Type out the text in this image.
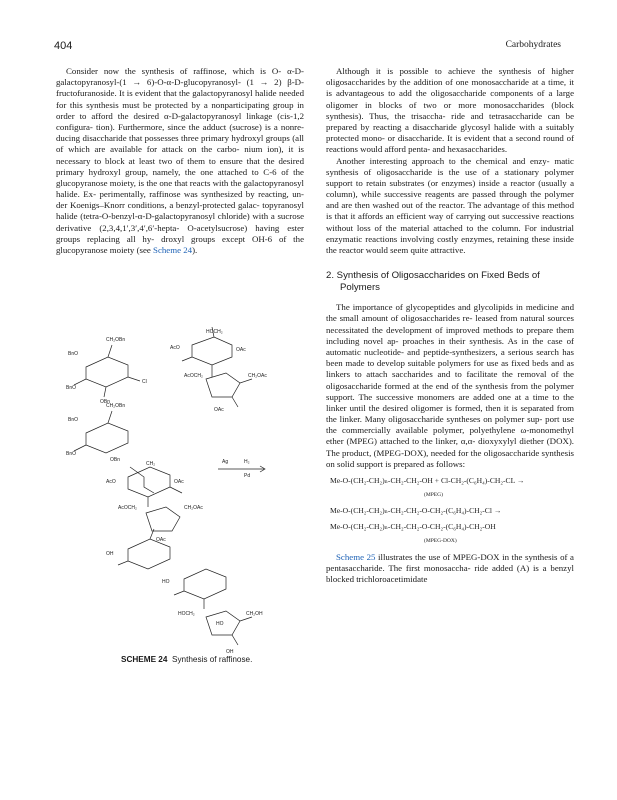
404	Carbohydrates

Consider now the synthesis of raffinose, which is O- α-D-galactopyranosyl-(1 → 6)-O-α-D-glucopyranosyl- (1 → 2) β-D-fructofuranoside. It is evident that the galactopyranosyl halide needed for this synthesis must be protected by a nonparticipating group in order to afford the desired α-D-galactopyranosyl linkage (cis-1,2 configura- tion). Furthermore, since the adduct (sucrose) is a nonre- ducing disaccharide that possesses three primary hydroxyl groups (all of which are available for attack on the carbo- nium ion), it is necessary to block at least two of them to ensure that the desired primary hydroxyl group, namely, the one attached to C-6 of the glucopyranose moiety, is the one that reacts with the galactopyranosyl halide. Ex- perimentally, raffinose was synthesized by reacting, un- der Koenigs–Knorr conditions, a benzyl-protected galac- topyranosyl halide (tetra-O-benzyl-α-D-galactopyranosyl chloride) with a sucrose derivative (2,3,4,1′,3′,4′,6′-hepta- O-acetylsucrose) having ester groups replacing all hy- droxyl groups except OH-6 of the glucopyranose moiety (see Scheme 24).

HOCH₂
AcO	OAc
AcOCH₂	CH₂OAc
OAc
BnO
CH₂OBn
BnO
OBn
Cl
BnO
CH₂OBn
BnO
OBn	Ag	H₂
Pd
CH₂
AcO	OAc
AcOCH₂	CH₂OAc
OAc
OH
HO
HOCH₂	CH₂OH
HO
OH
SCHEME 24 Synthesis of raffinose.

Although it is possible to achieve the synthesis of higher oligosaccharides by the addition of one monosaccharide at a time, it is advantageous to add the oligosaccharide components of a large oligomer in blocks of two or more monosaccharides (block synthesis). Thus, the trisaccha- ride and tetrasaccharide can be prepared by reacting a disaccharide glycosyl halide with a suitably protected mono- or disaccharide. It is evident that a second round of reactions would afford penta- and hexasaccharides.

Another interesting approach to the chemical and enzy- matic synthesis of oligosaccharide is the use of a stationary polymer support to retain substrates (or enzymes) inside a reactor (usually a column), while successive reagents are passed through the polymer and are then washed out of the reactor. The advantage of this method is that it affords an efficient way of carrying out successive reactions without loss of the material attached to the column. For industrial enzymatic reactions involving costly enzymes, retaining these inside the reactor would seem quite attractive.

2. Synthesis of Oligosaccharides on Fixed Beds of Polymers

The importance of glycopeptides and glycolipids in medicine and the small amount of oligosaccharides re- leased from natural sources necessitated the development of improved methods to prepare them including novel ap- proaches in their synthesis. As in the case of automatic nucleotide- and peptide-synthesizers, a serious search has been made to develop suitable polymers for use as fixed beds and as linkers to attach saccharides and to facilitate the removal of the oligosaccharide formed at the end of the synthesis from the polymer support. The successive monomers are added one at a time to the linker until the desired oligomer is formed, then it is separated from the linker. Many oligosaccharide syntheses on polymer sup- port use the commercially available polymer, polyethylene ω-monomethyl ether (MPEG) attached to the linker, α,α- dioxyxylyl diether (DOX). The product, (MPEG-DOX), needed for the oligosaccharide synthesis on solid support is prepared as follows:

Me-O-(CH₂-CH₂)ₙ-CH₂-CH₂-OH + Cl-CH₂-(C₆H₄)-CH₂-CL →
(MPEG)
Me-O-(CH₂-CH₂)ₙ-CH₂-CH₂-O-CH₂-(C₆H₄)-CH₂-Cl →
Me-O-(CH₂-CH₂)ₙ-CH₂-CH₂-O-CH₂-(C₆H₄)-CH₂-OH
(MPEG-DOX)

Scheme 25 illustrates the use of MPEG-DOX in the synthesis of a pentasaccharide. The first monosaccha- ride added (A) is a benzyl blocked trichloroacetimidate
